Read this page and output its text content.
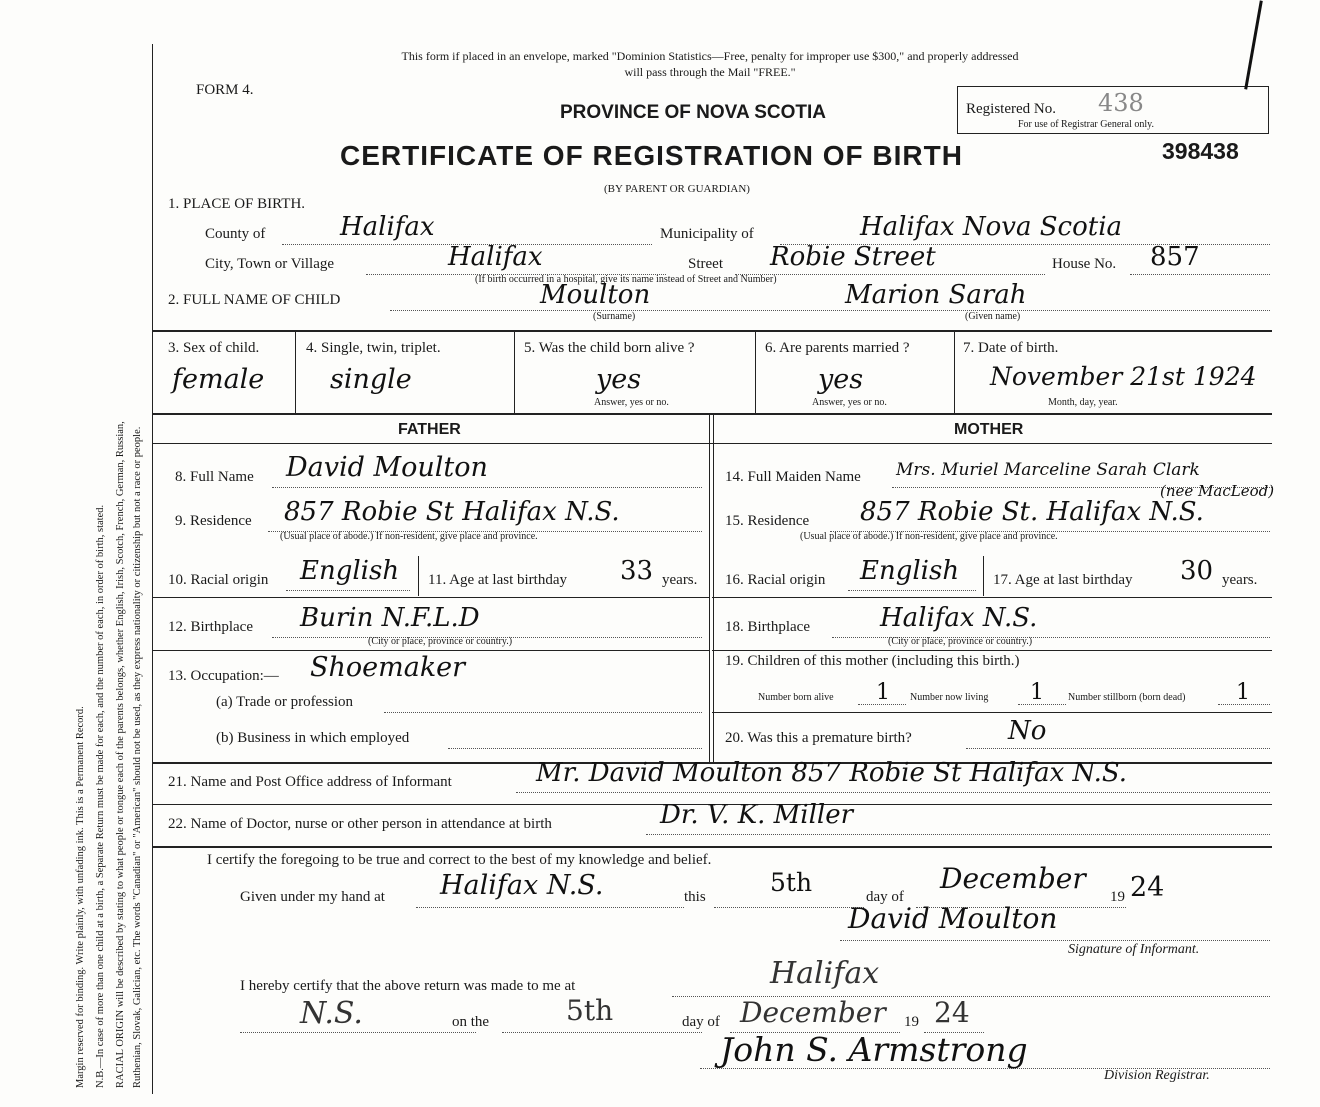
Margin reserved for binding. Write plainly, with unfading ink. This is a Permanent Record. N.B.—In case of more than one child at a birth, a Separate Return must be made for each, and the number of each, in order of birth, stated. RACIAL ORIGIN will be described by stating to what people or tongue each of the parents belongs, whether English, Irish, Scotch, French, German, Russian, Ruthenian, Slovak, Galician, etc. The words "Canadian" or "American" should not be used, as they express nationality or citizenship but not a race or people.
This form if placed in an envelope, marked "Dominion Statistics—Free, penalty for improper use $300," and properly addressed
will pass through the Mail "FREE."
FORM 4.
PROVINCE OF NOVA SCOTIA
CERTIFICATE OF REGISTRATION OF BIRTH
(BY PARENT OR GUARDIAN)
Registered No. 438
For use of Registrar General only.
398438
1. PLACE OF BIRTH.
County of	Halifax	Municipality of	Halifax Nova Scotia
City, Town or Village	Halifax	Street Robie Street	House No. 857
(If birth occurred in a hospital, give its name instead of Street and Number)
2. FULL NAME OF CHILD	Moulton
(Surname)
Marion Sarah
(Given name)
3. Sex of child.
female
4. Single, twin, triplet.
single
5. Was the child born alive ?
yes
Answer, yes or no.
6. Are parents married ?
yes
Answer, yes or no.
7. Date of birth.
November 21st 1924
Month, day, year.
FATHER	MOTHER
8. Full Name David Moulton
9. Residence 857 Robie St Halifax N.S.
(Usual place of abode.) If non-resident, give place and province.
10. Racial origin English 11. Age at last birthday 33 years.
12. Birthplace Burin N.F.L.D
(City or place, province or country.)
13. Occupation:— Shoemaker
(a) Trade or profession
(b) Business in which employed
14. Full Maiden Name Mrs. Muriel Marceline Sarah Clark
(nee MacLeod)
15. Residence 857 Robie St. Halifax N.S.
(Usual place of abode.) If non-resident, give place and province.
16. Racial origin English 17. Age at last birthday 30 years.
18. Birthplace	Halifax N.S.
(City or place, province or country.)
19. Children of this mother (including this birth.)
Number born alive 1 Number now living 1 Number stillborn (born dead) 1
20. Was this a premature birth?	No
21. Name and Post Office address of Informant	Mr. David Moulton 857 Robie St Halifax N.S.
22. Name of Doctor, nurse or other person in attendance at birth	Dr. V. K. Miller
I certify the foregoing to be true and correct to the best of my knowledge and belief.
Given under my hand at Halifax N.S.	this	5th	day of
December
19 24
David Moulton
Signature of Informant.
I hereby certify that the above return was made to me at	Halifax
N.S.	on the	5th	day of December 19 24
John S. Armstrong
Division Registrar.
